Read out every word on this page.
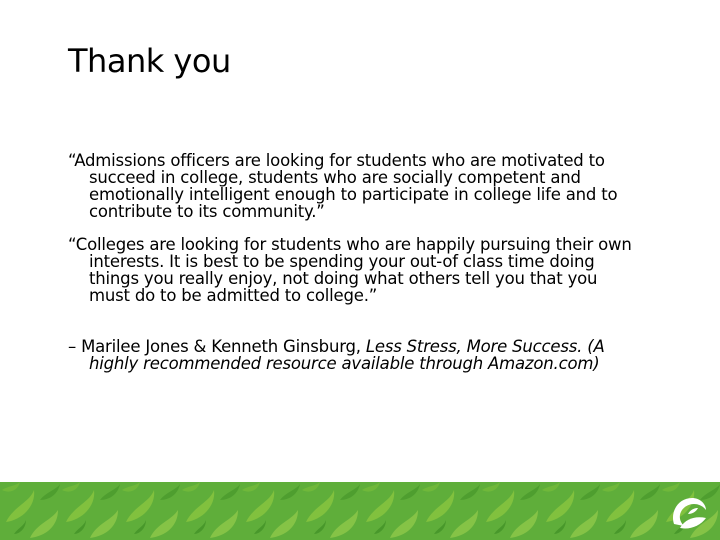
Thank you

“Admissions officers are looking for students who are motivated to succeed in college, students who are socially competent and emotionally intelligent enough to participate in college life and to contribute to its community.”

“Colleges are looking for students who are happily pursuing their own interests. It is best to be spending your out-of class time doing things you really enjoy, not doing what others tell you that you must do to be admitted to college.”

– Marilee Jones & Kenneth Ginsburg, Less Stress, More Success. (A highly recommended resource available through Amazon.com)
